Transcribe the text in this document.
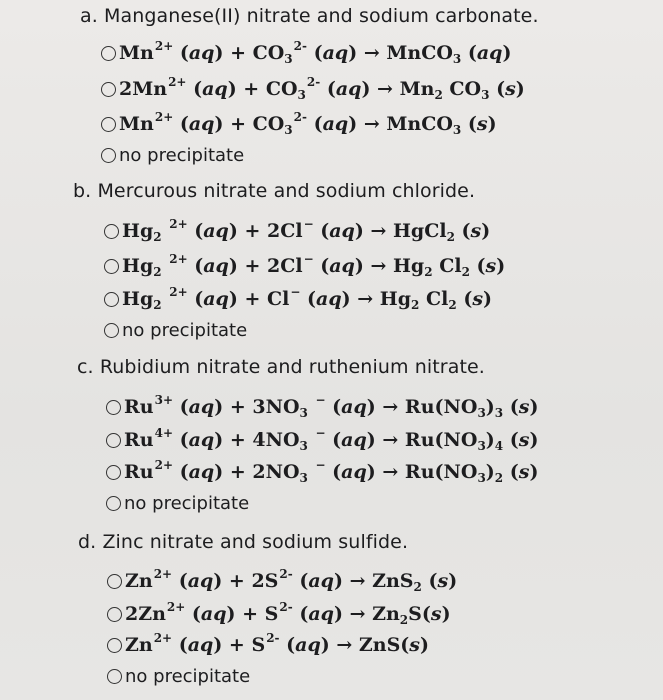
a. Manganese(II) nitrate and sodium carbonate.
$Mn^{2+}$ $(aq) + CO_3^{2-}$ (aq) → MnCO$_3$ (aq)
$2Mn^{2+}$ $(aq) + CO_3^{2-}$ $(aq) \to Mn_2$ $CO_3$ (s)
$Mn^{2+}$ $(aq) + CO_3^{2-}$ (aq) → MnCO$_3$ (s)
no precipitate
b. Mercurous nitrate and sodium chloride.
$Hg_2$ $^{2+}$ (aq) + 2Cl− (aq) → HgCl$_2$ (s)
$Hg_2$ $^{2+}$ (aq) + 2Cl− $(aq) \to Hg_2$ $Cl_2$ (s)
$Hg_2$ $^{2+}$ (aq) + Cl− $(aq) \to Hg_2$ $Cl_2$ (s)
no precipitate
c. Rubidium nitrate and ruthenium nitrate.
$Ru^{3+}$ $(aq) + 3NO_3$ − $(aq) \to Ru(NO_3)_3$ (s)
$Ru^{4+}$ $(aq) + 4NO_3$ − $(aq) \to Ru(NO_3)_4$ (s)
$Ru^{2+}$ $(aq) + 2NO_3$ − $(aq) \to Ru(NO_3)_2$ (s)
no precipitate
d. Zinc nitrate and sodium sulfide.
$Zn^{2+}$ $(aq) + 2S^{2-}$ (aq) → ZnS$_2$ (s)
$2Zn^{2+}$ $(aq) + S^{2-}$ $(aq) \to Zn_2S(s)$
$Zn^{2+}$ $(aq) + S^{2-}$ (aq) → ZnS(s)
no precipitate
